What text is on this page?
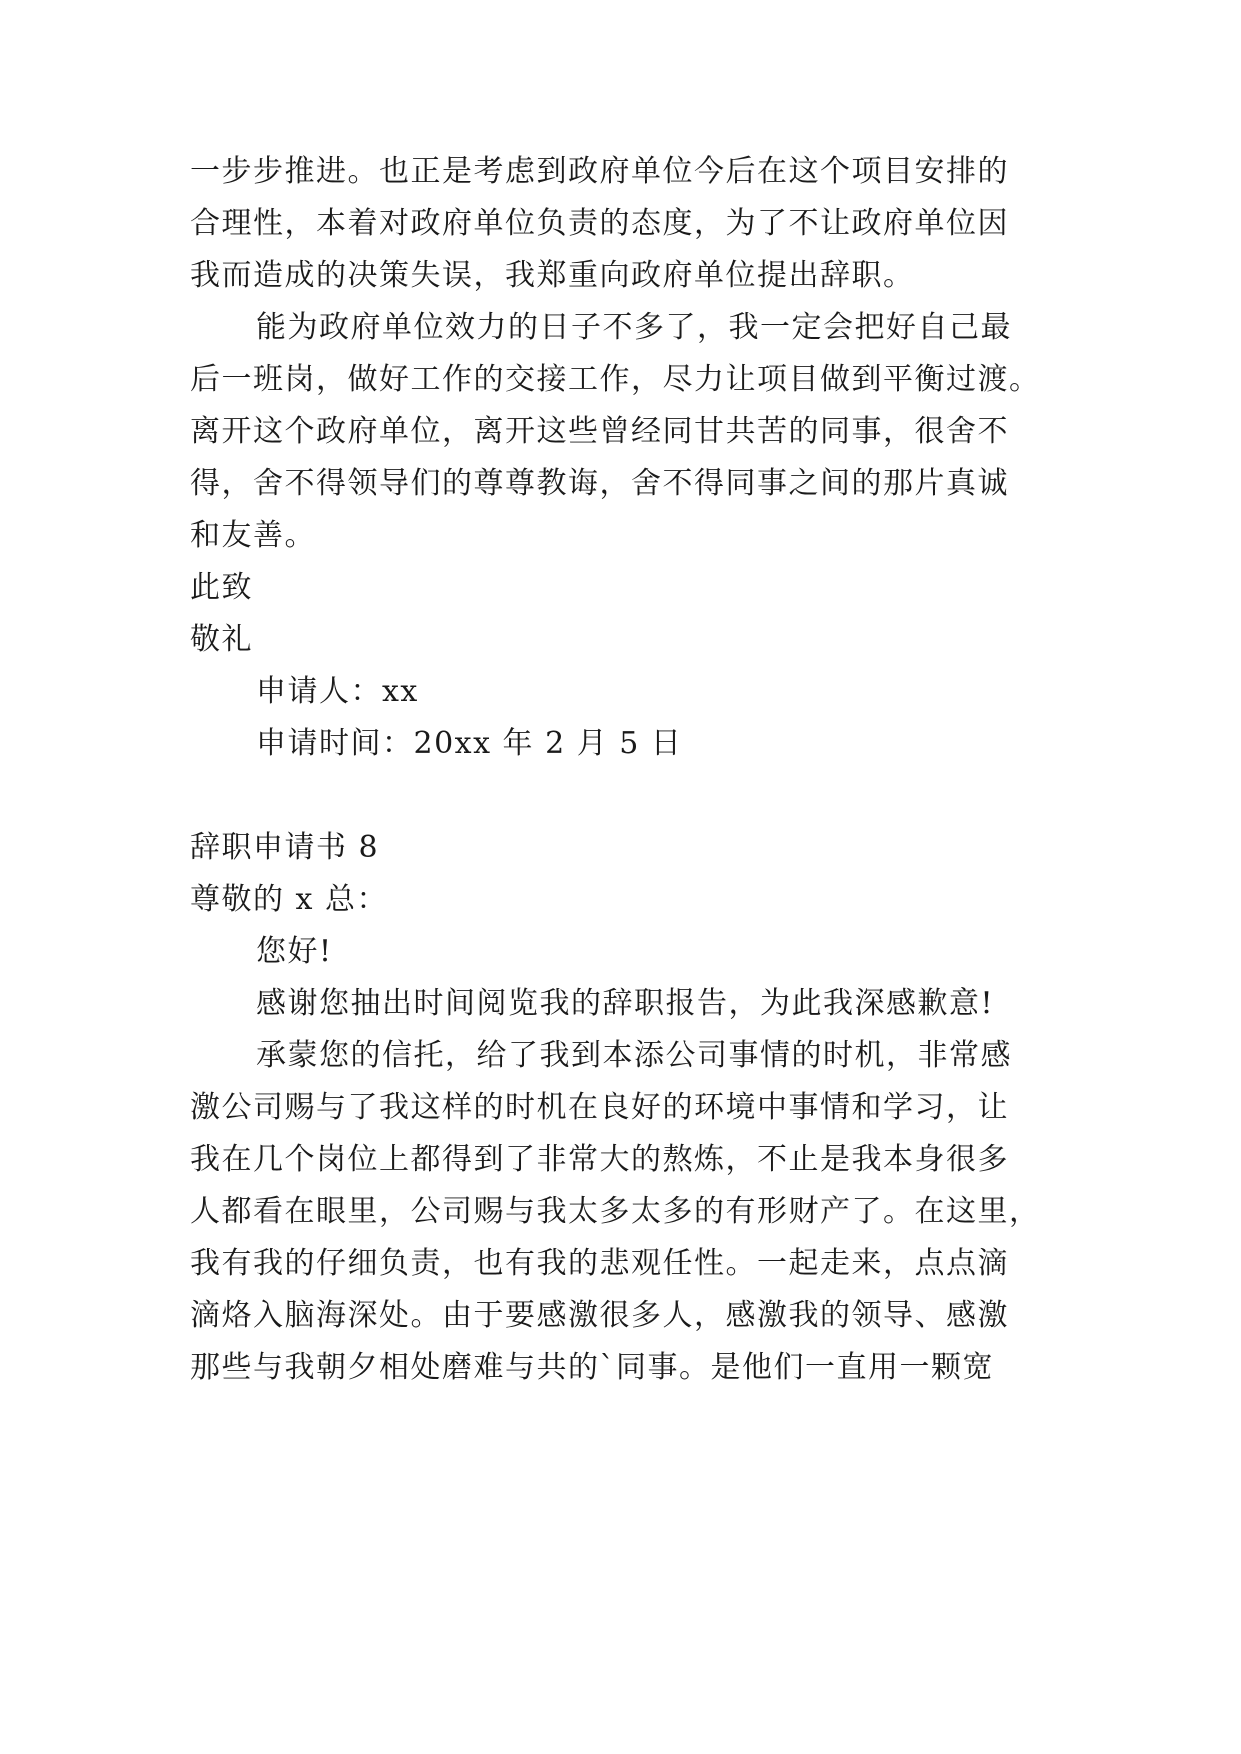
一步步推进。也正是考虑到政府单位今后在这个项目安排的
合理性，本着对政府单位负责的态度，为了不让政府单位因
我而造成的决策失误，我郑重向政府单位提出辞职。
能为政府单位效力的日子不多了，我一定会把好自己最
后一班岗，做好工作的交接工作，尽力让项目做到平衡过渡。
离开这个政府单位，离开这些曾经同甘共苦的同事，很舍不
得，舍不得领导们的尊尊教诲，舍不得同事之间的那片真诚
和友善。
此致
敬礼
申请人：xx
申请时间：20xx 年 2 月 5 日
辞职申请书 8
尊敬的 x 总：
您好!
感谢您抽出时间阅览我的辞职报告，为此我深感歉意!
承蒙您的信托，给了我到本添公司事情的时机，非常感
激公司赐与了我这样的时机在良好的环境中事情和学习，让
我在几个岗位上都得到了非常大的熬炼，不止是我本身很多
人都看在眼里，公司赐与我太多太多的有形财产了。在这里，
我有我的仔细负责，也有我的悲观任性。一起走来，点点滴
滴烙入脑海深处。由于要感激很多人，感激我的领导、感激
那些与我朝夕相处磨难与共的`同事。是他们一直用一颗宽
